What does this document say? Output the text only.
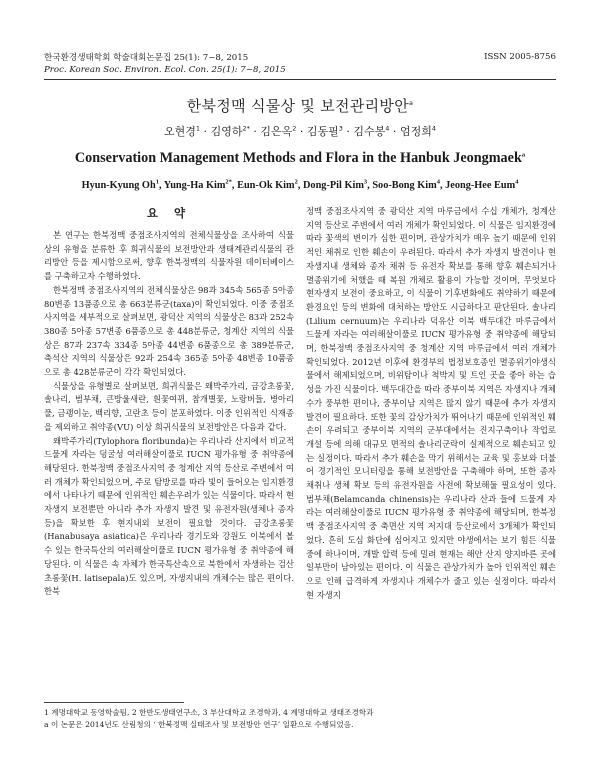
한국환경생태학회 학술대회논문집 25(1): 7~8, 2015
Proc. Korean Soc. Environ. Ecol. Con. 25(1): 7~8, 2015
ISSN 2005-8756
한북정맥 식물상 및 보전관리방안$^a$
오현경$^1$ · 김영하$^{2*}$ · 김은옥$^2$ · 김동필$^3$ · 김수봉$^4$ · 엄정희$^4$
Conservation Management Methods and Flora in the Hanbuk Jeongmaek$^a$
Hyun-Kyung Oh$^1$, Yung-Ha Kim$^{2*}$, Eun-Ok Kim$^2$, Dong-Pil Kim$^3$, Soo-Bong Kim$^4$, Jeong-Hee Eum$^4$
요 약

본 연구는 한북정맥 중점조사지역의 전체식물상을 조사하여 식물상의 유형을 분류한 후 희귀식물의 보전방안과 생태계관리식물의 관리방안 등을 제시함으로써, 향후 한북정맥의 식물자원 데이터베이스를 구축하고자 수행하였다.

한북정맥 중점조사지역의 전체식물상은 98과 345속 565종 5아종 80변종 13품종으로 총 663분류군(taxa)이 확인되었다. 이중 중점조사지역을 세부적으로 살펴보면, 광덕산 지역의 식물상은 83과 252속 380종 5아종 57변종 6품종으로 총 448분류군, 청계산 지역의 식물상은 87과 237속 334종 5아종 44변종 6품종으로 총 389분류군, 축석산 지역의 식물상은 92과 254속 365종 5아종 48변종 10품종으로 총 428분류군이 각각 확인되었다.

식물상을 유형별로 살펴보면, 희귀식물은 왜박주가리, 금강초롱꽃, 솔나리, 범부채, 큰방울새란, 흰꽃여뀌, 참개별꽃, 노랑버들, 병아리풀, 금괭이눈, 백리향, 고란초 등이 분포하였다. 이중 인위적인 식재종을 제외하고 취약종(VU) 이상 희귀식물의 보전방안은 다음과 같다.

왜박주가리(Tylophora floribunda)는 우리나라 산지에서 비교적 드물게 자라는 덩굴성 여러해살이풀로 IUCN 평가유형 중 취약종에 해당된다. 한북정맥 중점조사지역 중 청계산 지역 등산로 주변에서 여러 개체가 확인되었으며, 주로 탐방로를 따라 빛이 들어오는 임지환경에서 나타나기 때문에 인위적인 훼손우려가 있는 식물이다. 따라서 현 자생지 보전뿐만 아니라 추가 자생지 발견 및 유전자원(생체나 종자 등)을 확보한 후 현지내외 보전이 필요할 것이다. 금강초롱꽃(Hanabusaya asiatica)은 우리나라 경기도와 강원도 이북에서 볼 수 있는 한국특산의 여러해살이풀로 IUCN 평가유형 중 취약종에 해당된다. 이 식물은 속 자체가 한국특산속으로 북한에서 자생하는 검산초롱꽃(H. latisepala)도 있으며, 자생지내의 개체수는 많은 편이다. 한북

정맥 중점조사지역 중 광덕산 지역 마루금에서 수십 개체가, 청계산 지역 등산로 주변에서 여러 개체가 확인되었다. 이 식물은 임지환경에 따라 꽃색의 변이가 심한 편이며, 관상가치가 매우 높기 때문에 인위적인 채취로 인한 훼손이 우려된다. 따라서 추가 자생지 발견이나 현 자생지내 생체와 종자 채취 등 유전자 확보를 통해 향후 훼손되거나 멸종위기에 처했을 때 복원 개체로 활용이 가능할 것이며, 무엇보다 현자생지 보전이 중요하고, 이 식물이 기후변화에도 취약하기 때문에 환경요인 등의 변화에 대처하는 방안도 시급하다고 판단된다. 솔나리(Lilium cernuum)는 우리나라 덕유산 이북 백두대간 마루금에서 드물게 자라는 여러해살이풀로 IUCN 평가유형 중 취약종에 해당되며, 한북정맥 중점조사지역 중 청계산 지역 마루금에서 여러 개체가 확인되었다. 2012년 이후에 환경부의 법정보호종인 멸종위기야생식물에서 해제되었으며, 비위탐이나 척박지 및 트인 곳을 좋아 하는 습성을 가진 식물이다. 백두대간을 따라 중부이북 지역은 자생지나 개체수가 풍부한 편이나, 중부이남 지역은 많지 않기 때문에 추가 자생지 발견이 필요하다. 또한 꽃의 감상가치가 뛰어나기 때문에 인위적인 훼손이 우려되고 중부이북 지역의 군부대에서는 진지구축이나 작업로 개설 등에 의해 대규모 면적의 솔나리군락이 실제적으로 훼손되고 있는 실정이다. 따라서 추가 훼손을 막기 위해서는 교육 및 홍보와 더불어 경기적인 모니터링을 통해 보전방안을 구축해야 하며, 또한 종자 채취나 생체 확보 등의 유전자원을 사전에 확보해둘 필요성이 있다. 범부채(Belamcanda chinensis)는 우리나라 산과 들에 드물게 자라는 여러해살이풀로 IUCN 평가유형 중 취약종에 해당되며, 한북정맥 중점조사지역 중 축면산 지역 저지대 등산로에서 3개체가 확인되었다. 흔히 도심 화단에 심어지고 있지만 야생에서는 보기 힘든 식물 중에 하나이며, 개발 압력 등에 밀려 현재는 해안 산지 양지바른 곳에 일부만이 남아있는 편이다. 이 식물은 관상가치가 높아 인위적인 훼손으로 인해 급격하게 자생지나 개체수가 줄고 있는 실정이다. 따라서 현 자생지

1 계명대학교 동영학술팀, 2 한반도생태연구소, 3 부산대학교 조경학과, 4 계명대학교 생태조경학과
a 이 논문은 2014년도 산림청의 ‘ 한북정맥 실태조사 및 보전방안 연구’ 일환으로 수행되었음.
